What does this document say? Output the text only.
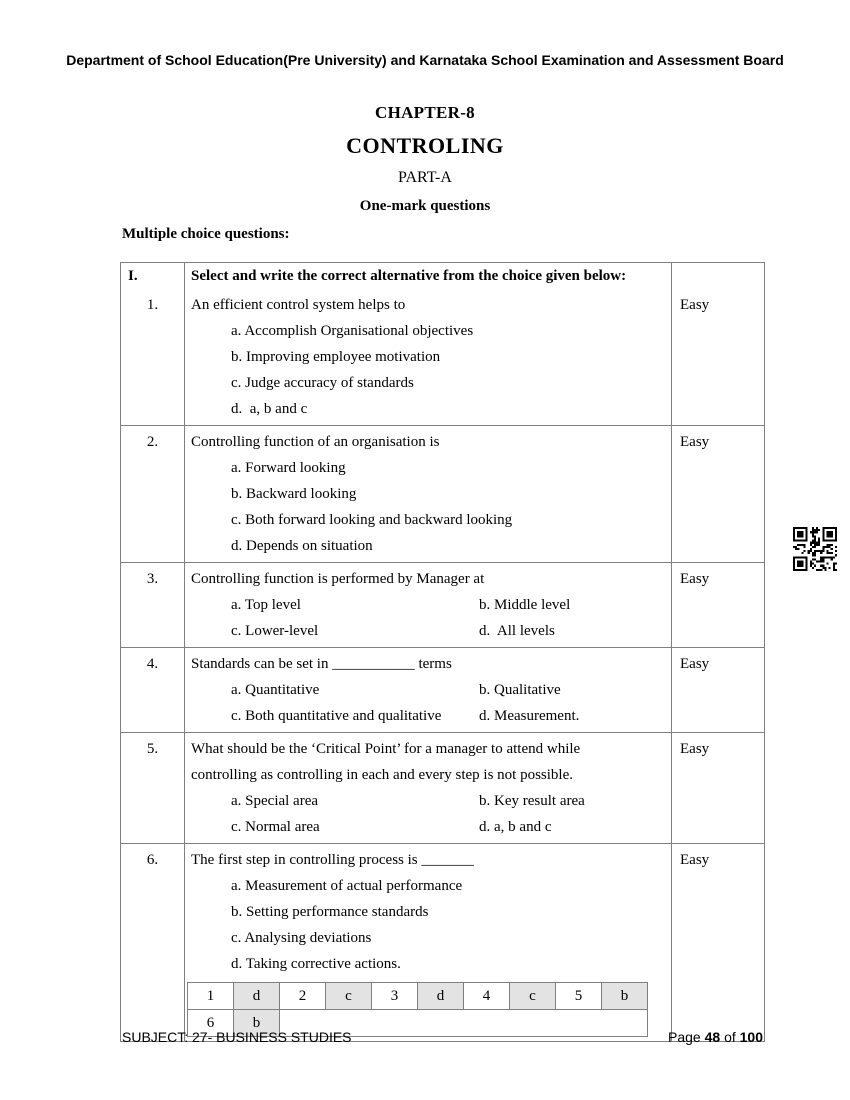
Department of School Education(Pre University) and Karnataka School Examination and Assessment Board
CHAPTER-8
CONTROLING
PART-A
One-mark questions
Multiple choice questions:
I.	Select and write the correct alternative from the choice given below:
1.	An efficient control system helps to
a. Accomplish Organisational objectives
b. Improving employee motivation
c. Judge accuracy of standards
d.  a, b and c
Easy
2.	Controlling function of an organisation is
a. Forward looking
b. Backward looking
c. Both forward looking and backward looking
d. Depends on situation
Easy
3.	Controlling function is performed by Manager at
a. Top level	b. Middle level
c. Lower-level	d.  All levels
Easy
4.	Standards can be set in ___________ terms
a. Quantitative	b. Qualitative
c. Both quantitative and qualitative	d. Measurement.
Easy
5.	What should be the ‘Critical Point’ for a manager to attend while
controlling as controlling in each and every step is not possible.
a. Special area	b. Key result area
c. Normal area	d. a, b and c
Easy
6.	The first step in controlling process is _______
a. Measurement of actual performance
b. Setting performance standards
c. Analysing deviations
d. Taking corrective actions.
1	d	2	c	3	d	4	c	5	b
6	b								
Easy
SUBJECT: 27- BUSINESS STUDIES	Page 48 of 100
